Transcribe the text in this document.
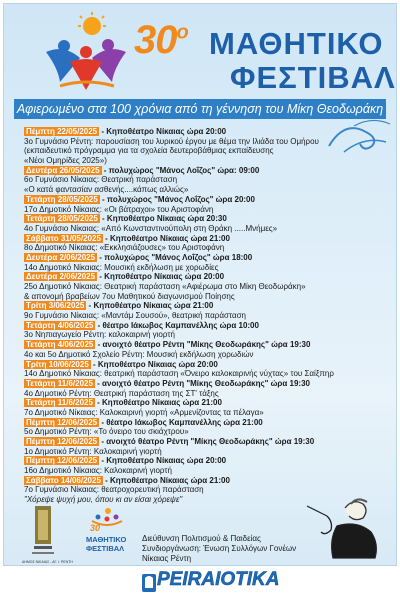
30$^o$ ΜΑΘΗΤΙΚΟ
ΦΕΣΤΙΒΑΛ
Αφιερωμένο στα 100 χρόνια από τη γέννηση του Μίκη Θεοδωράκη
Πέμπτη 22/05/2025 - Κηποθέατρο Νίκαιας ώρα 20:00
3ο Γυμνάσιο Ρέντη: παρουσίαση του λυρικού έργου με θέμα την Ιλιάδα του Ομήρου
(εκπαιδευτικό πρόγραμμα για τα σχολεία δευτεροβάθμιας εκπαίδευσης
«Νέοι Ομηρίδες 2025»)
Δευτέρα 26/05/2025 - πολυχώρος "Μάνος Λοΐζος" ώρα: 09:00
6ο Γυμνάσιο Νίκαιας: Θεατρική παράσταση
«Ο κατά φαντασίαν ασθενής....κάπως αλλιώς»
Τετάρτη 28/05/2025 - πολυχώρος "Μάνος Λοΐζος" ώρα 20:00
17ο Δημοτικό Νίκαιας: «Οι βάτραχοι» του Αριστοφάνη
Τετάρτη 28/05/2025 - Κηποθέατρο Νίκαιας ώρα 20:30
4ο Γυμνάσιο Νίκαιας: «Από Κωνσταντινούπολη στη Θράκη .....Μνήμες»
Σάββατο 31/05/2025 - Κηποθέατρο Νίκαιας ώρα 21:00
8ο Δημοτικό Νίκαιας: «Εκκλησιάζουσες» του Αριστοφάνη
Δευτέρα 2/06/2025 - πολυχώρος "Μάνος Λοΐζος" ώρα 18:00
14ο Δημοτικό Νίκαιας: Μουσική εκδήλωση με χορωδίες
Δευτέρα 2/06/2025 - Κηποθέατρο Νίκαιας ώρα 20:00
25ο Δημοτικό Νίκαιας: Θεατρική παράσταση «Αφιέρωμα στο Μίκη Θεοδωράκη»
& απονομή βραβείων 7ου Μαθητικού διαγωνισμού Ποίησης
Τρίτη 3/06/2025 - Κηποθέατρο Νίκαιας ώρα 21:00
9ο Γυμνάσιο Νίκαιας: «Μαντάμ Σουσού», θεατρική παράσταση
Τετάρτη 4/06/2025 - θέατρο Ιάκωβος Καμπανέλλης ώρα 10:00
3ο Νηπιαγωγείο Ρέντη: καλοκαιρινή γιορτή
Τετάρτη 4/06/2025 - ανοιχτό θέατρο Ρέντη "Μίκης Θεοδωράκης" ώρα 19:30
4ο και 5ο Δημοτικό Σχολείο Ρέντη: Μουσική εκδήλωση χορωδιών
Τρίτη 10/06/2025 - Κηποθέατρο Νίκαιας ώρα 20:00
14ο Δημοτικό Νίκαιας: θεατρική παράσταση «Όνειρο καλοκαιρινής νύχτας» του Σαίξπηρ
Τετάρτη 11/6/2025 - ανοιχτό θέατρο Ρέντη "Μίκης Θεοδωράκης" ώρα 19:30
4ο Δημοτικό Ρέντη: Θεατρική παράσταση της ΣΤ' τάξης
Τετάρτη 11/6/2025 - Κηποθέατρο Νίκαιας ώρα 21:00
7ο Δημοτικό Νίκαιας: Καλοκαιρινή γιορτή «Αρμενίζοντας τα πέλαγα»
Πέμπτη 12/06/2025 - θέατρο Ιάκωβος Καμπανέλλης ώρα 21:00
5ο Δημοτικό Ρέντη: «Το όνειρο του σκιάχτρου»
Πέμπτη 12/06/2025 - ανοιχτό θέατρο Ρέντη "Μίκης Θεοδωράκης" ώρα 19:30
1ο Δημοτικό Ρέντη: Καλοκαιρινή γιορτή
Πέμπτη 12/06/2025 - Κηποθέατρο Νίκαιας ώρα 20:00
16ο Δημοτικό Νίκαιας: Καλοκαιρινή γιορτή
Σάββατο 14/06/2025 - Κηποθέατρο Νίκαιας ώρα 21:00
7ο Γυμνάσιο Νίκαιας: θεατροχορευτική παράσταση
"Χόρεψε ψυχή μου, όπου κι αν είσαι χόρεψε"
30
ΜΑΘΗΤΙΚΟ
ΦΕΣΤΙΒΑΛ
ΔΗΜΟΣ ΝΙΚΑΙΑΣ - ΑΓ. Ι. ΡΕΝΤΗ
Διεύθυνση Πολιτισμού & Παιδείας
Συνδιοργάνωση: Ένωση Συλλόγων Γονέων Νίκαιας Ρέντη
PEIRAIOTIKA
